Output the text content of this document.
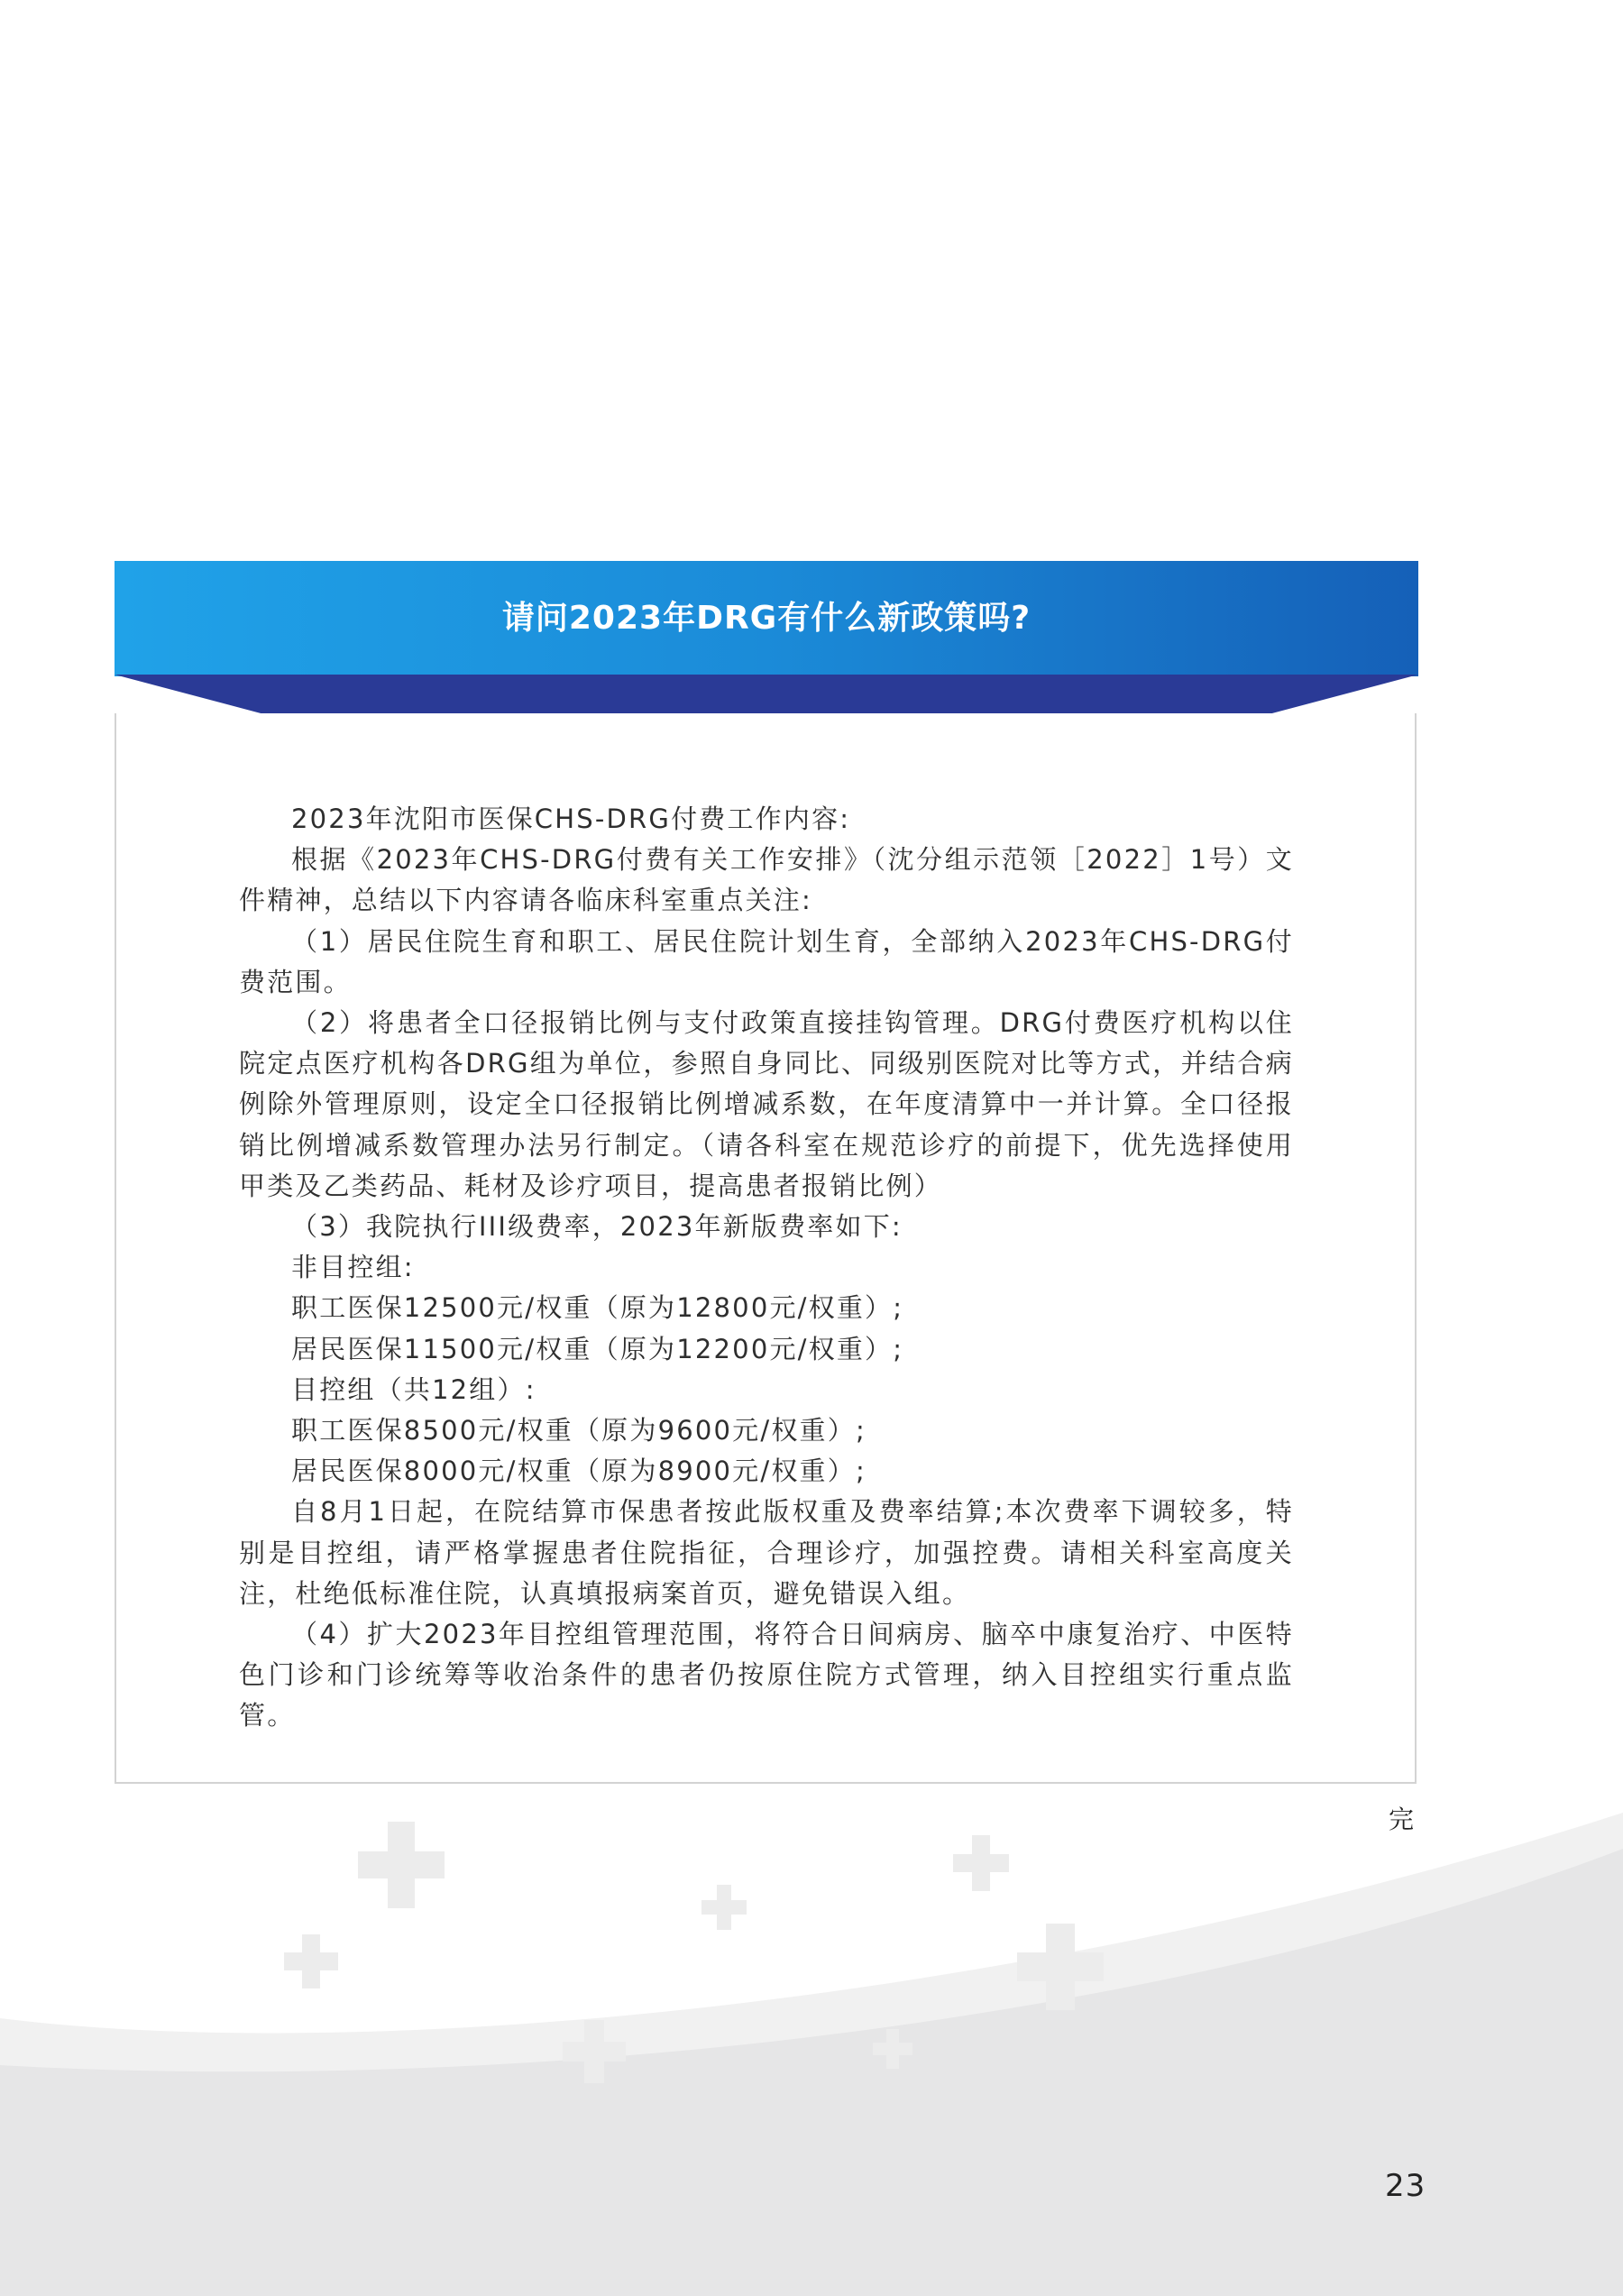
请问2023年DRG有什么新政策吗?

2023年沈阳市医保CHS-DRG付费工作内容:

根据《2023年CHS-DRG付费有关工作安排》（沈分组示范领［2022］1号）文件精神，总结以下内容请各临床科室重点关注:

（1）居民住院生育和职工、居民住院计划生育，全部纳入2023年CHS-DRG付费范围。

（2）将患者全口径报销比例与支付政策直接挂钩管理。DRG付费医疗机构以住院定点医疗机构各DRG组为单位，参照自身同比、同级别医院对比等方式，并结合病例除外管理原则，设定全口径报销比例增减系数，在年度清算中一并计算。全口径报销比例增减系数管理办法另行制定。（请各科室在规范诊疗的前提下，优先选择使用甲类及乙类药品、耗材及诊疗项目，提高患者报销比例）

（3）我院执行III级费率，2023年新版费率如下:

非目控组:

职工医保12500元/权重（原为12800元/权重）;

居民医保11500元/权重（原为12200元/权重）;

目控组（共12组）:

职工医保8500元/权重（原为9600元/权重）;

居民医保8000元/权重（原为8900元/权重）;

自8月1日起，在院结算市保患者按此版权重及费率结算;本次费率下调较多，特别是目控组，请严格掌握患者住院指征，合理诊疗，加强控费。请相关科室高度关注，杜绝低标准住院，认真填报病案首页，避免错误入组。

（4）扩大2023年目控组管理范围，将符合日间病房、脑卒中康复治疗、中医特色门诊和门诊统筹等收治条件的患者仍按原住院方式管理，纳入目控组实行重点监管。

完
23
